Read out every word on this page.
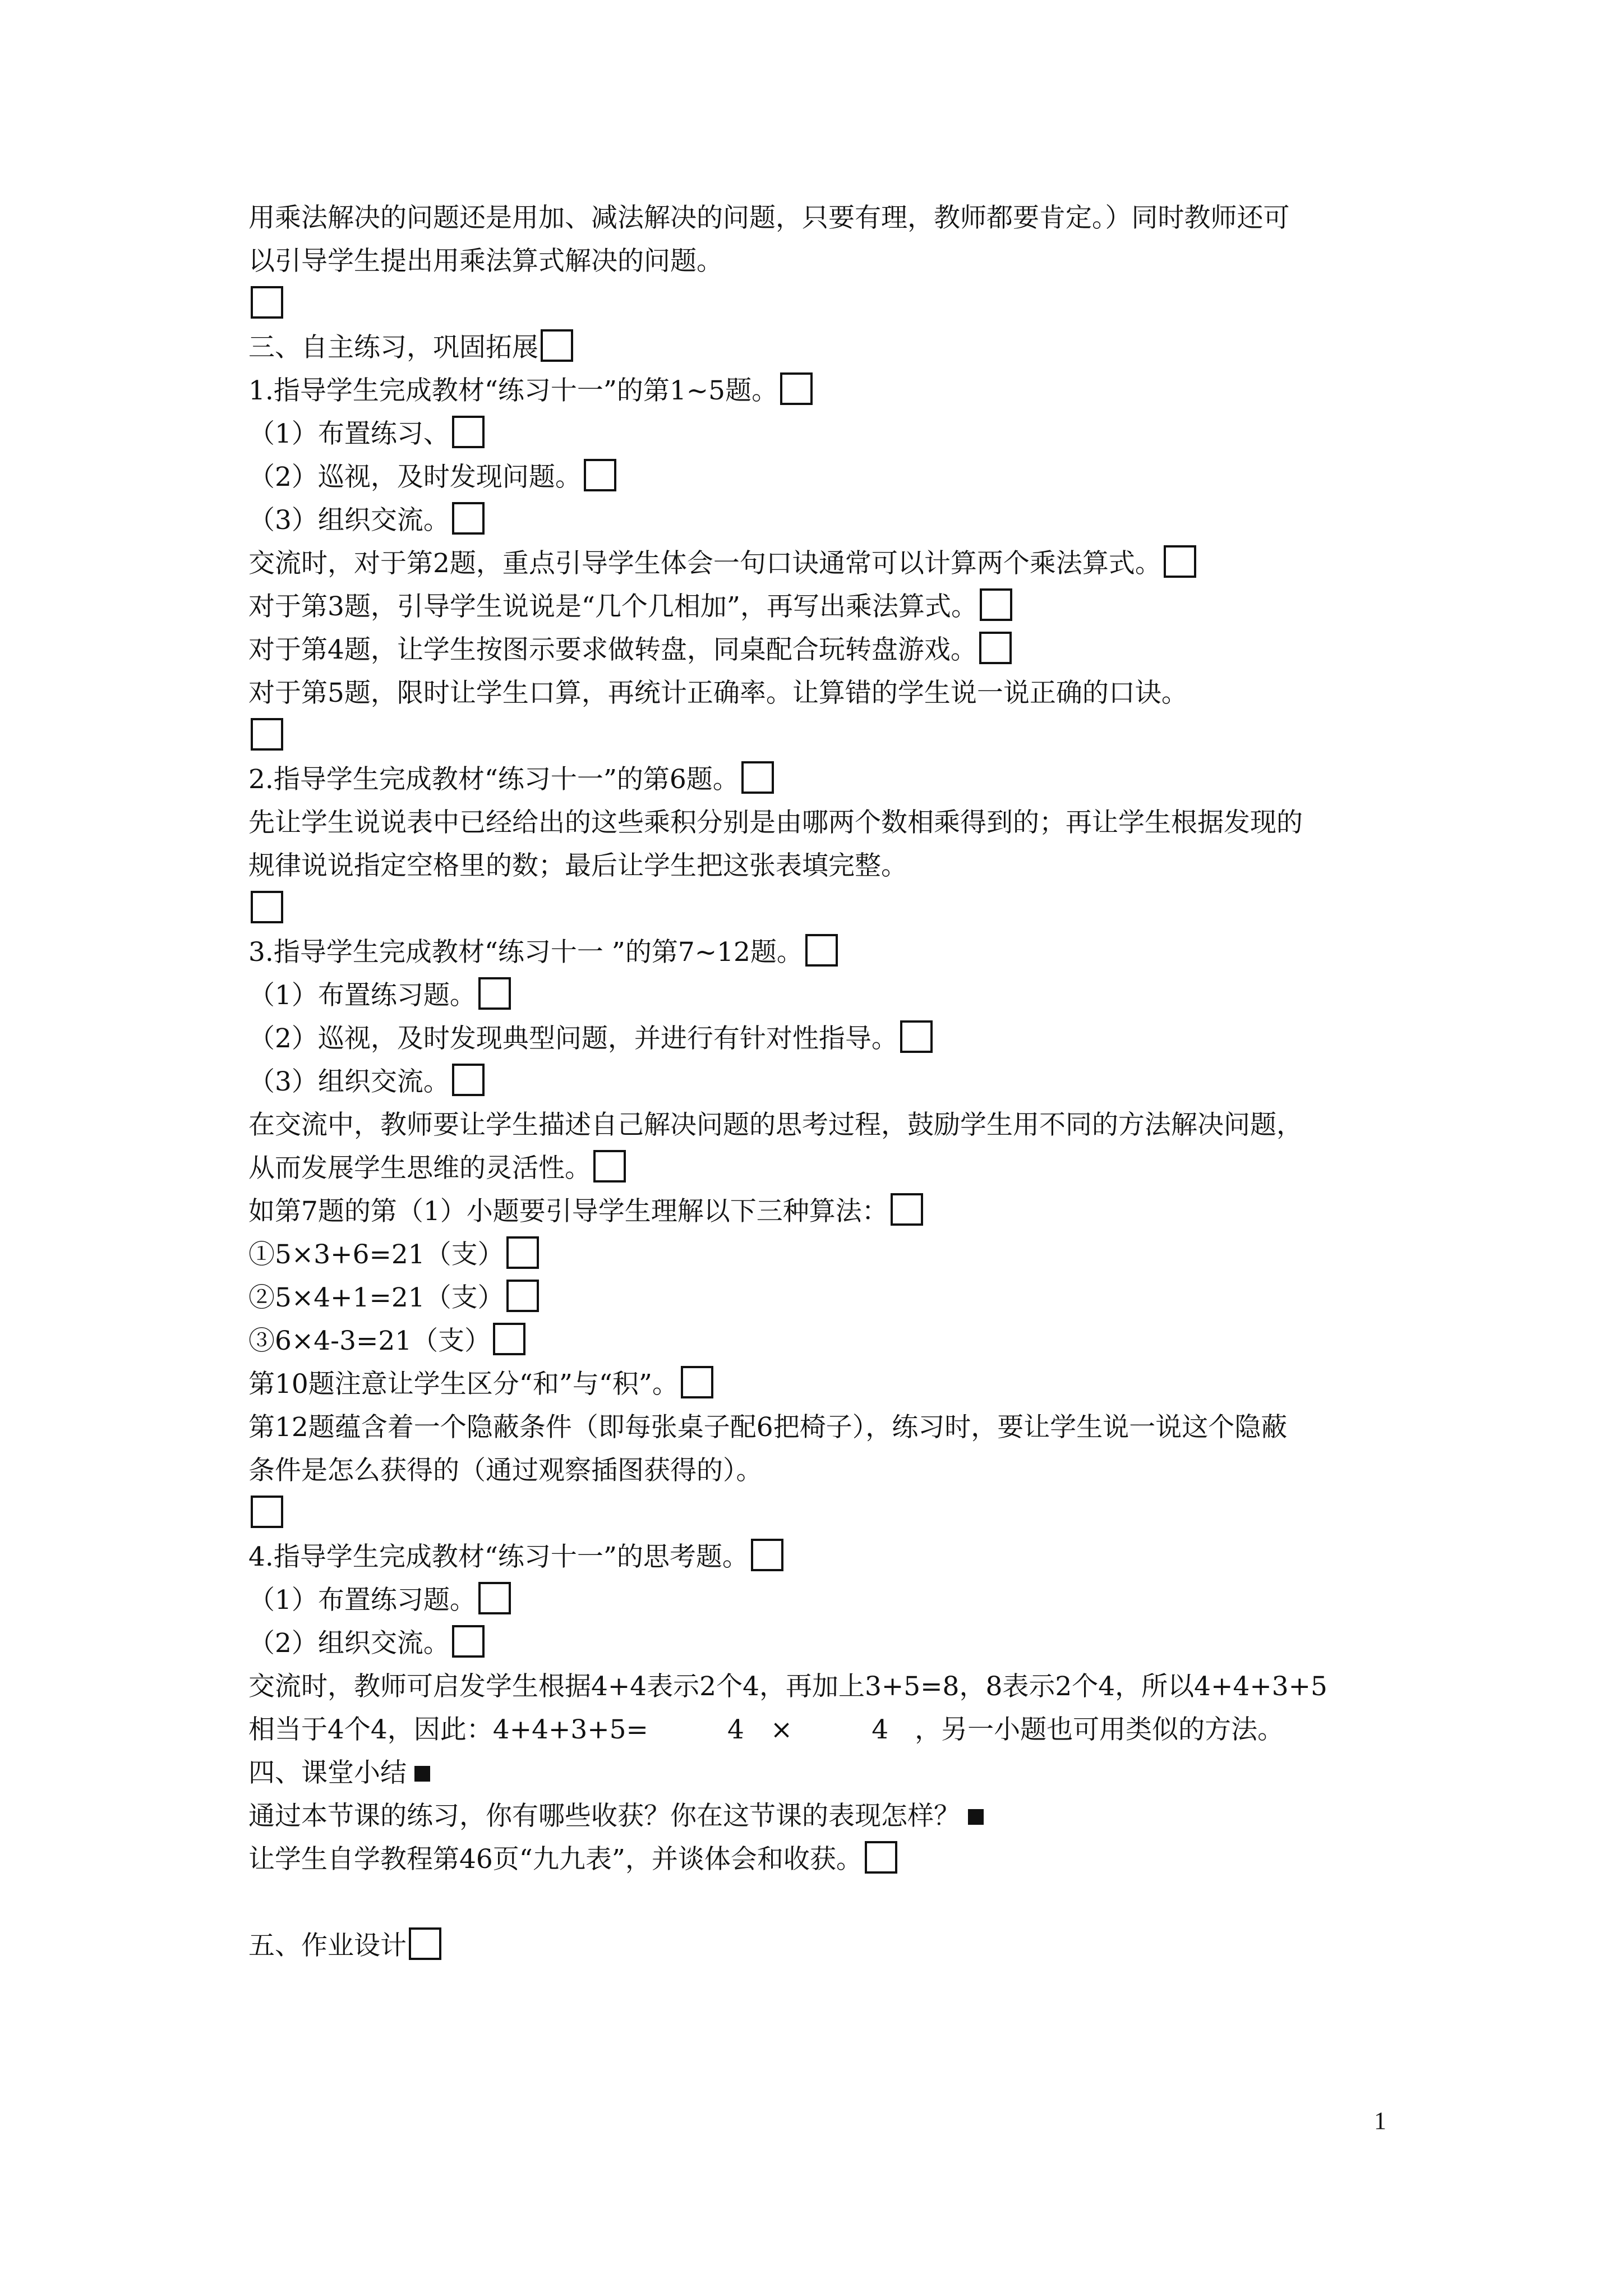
用乘法解决的问题还是用加、减法解决的问题，只要有理，教师都要肯定。）同时教师还可
以引导学生提出用乘法算式解决的问题。
三、自主练习，巩固拓展
1.指导学生完成教材“练习十一”的第1~5题。
（1）布置练习、
（2）巡视，及时发现问题。
（3）组织交流。
交流时，对于第2题，重点引导学生体会一句口诀通常可以计算两个乘法算式。
对于第3题，引导学生说说是“几个几相加”，再写出乘法算式。
对于第4题，让学生按图示要求做转盘，同桌配合玩转盘游戏。
对于第5题，限时让学生口算，再统计正确率。让算错的学生说一说正确的口诀。
2.指导学生完成教材“练习十一”的第6题。
先让学生说说表中已经给出的这些乘积分别是由哪两个数相乘得到的；再让学生根据发现的
规律说说指定空格里的数；最后让学生把这张表填完整。
3.指导学生完成教材“练习十一 ”的第7~12题。
（1）布置练习题。
（2）巡视，及时发现典型问题，并进行有针对性指导。
（3）组织交流。
在交流中，教师要让学生描述自己解决问题的思考过程，鼓励学生用不同的方法解决问题，
从而发展学生思维的灵活性。
如第7题的第（1）小题要引导学生理解以下三种算法：
①5×3+6=21（支）
②5×4+1=21（支）
③6×4-3=21（支）
第10题注意让学生区分“和”与“积”。
第12题蕴含着一个隐蔽条件（即每张桌子配6把椅子），练习时，要让学生说一说这个隐蔽
条件是怎么获得的（通过观察插图获得的）。
4.指导学生完成教材“练习十一”的思考题。
（1）布置练习题。
（2）组织交流。
交流时，教师可启发学生根据4+4表示2个4，再加上3+5=8，8表示2个4，所以4+4+3+5
相当于4个4，因此：4+4+3+5=　　　4　×　　　4　，另一小题也可用类似的方法。
四、课堂小结
通过本节课的练习，你有哪些收获？你在这节课的表现怎样？
让学生自学教程第46页“九九表”，并谈体会和收获。
五、作业设计
1
